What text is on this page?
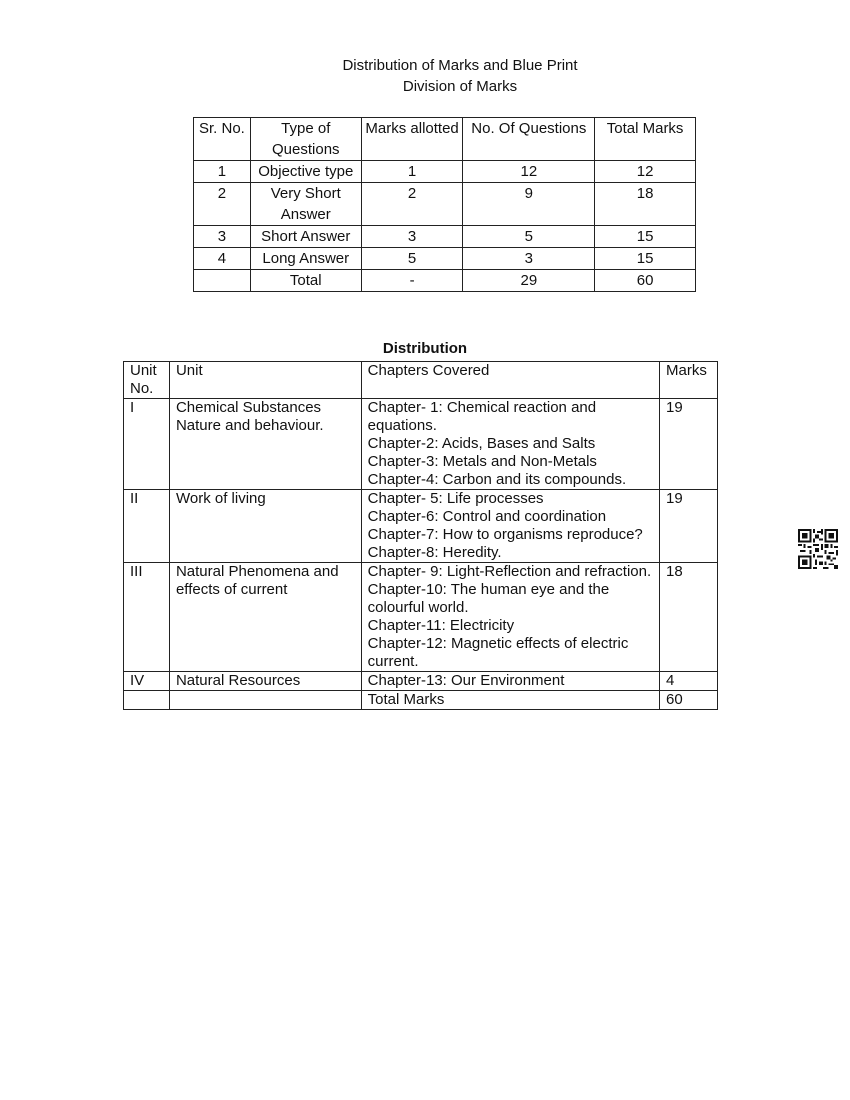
Distribution of Marks and Blue Print
Division of Marks
Sr. No.	Type of Questions	Marks allotted	No. Of Questions	Total Marks
1	Objective type	1	12	12
2	Very Short Answer	2	9	18
3	Short Answer	3	5	15
4	Long Answer	5	3	15
	Total	-	29	60
Distribution
Unit No.	Unit	Chapters Covered	Marks
I	Chemical Substances Nature and behaviour.	Chapter- 1: Chemical reaction and equations.
Chapter-2: Acids, Bases and Salts
Chapter-3: Metals and Non-Metals
Chapter-4: Carbon and its compounds.	19
II	Work of living	Chapter- 5: Life processes
Chapter-6: Control and coordination
Chapter-7: How to organisms reproduce?
Chapter-8: Heredity.	19
III	Natural Phenomena and effects of current	Chapter- 9: Light-Reflection and refraction.
Chapter-10: The human eye and the colourful world.
Chapter-11: Electricity
Chapter-12: Magnetic effects of electric current.	18
IV	Natural Resources	Chapter-13: Our Environment	4

		Total Marks	60
